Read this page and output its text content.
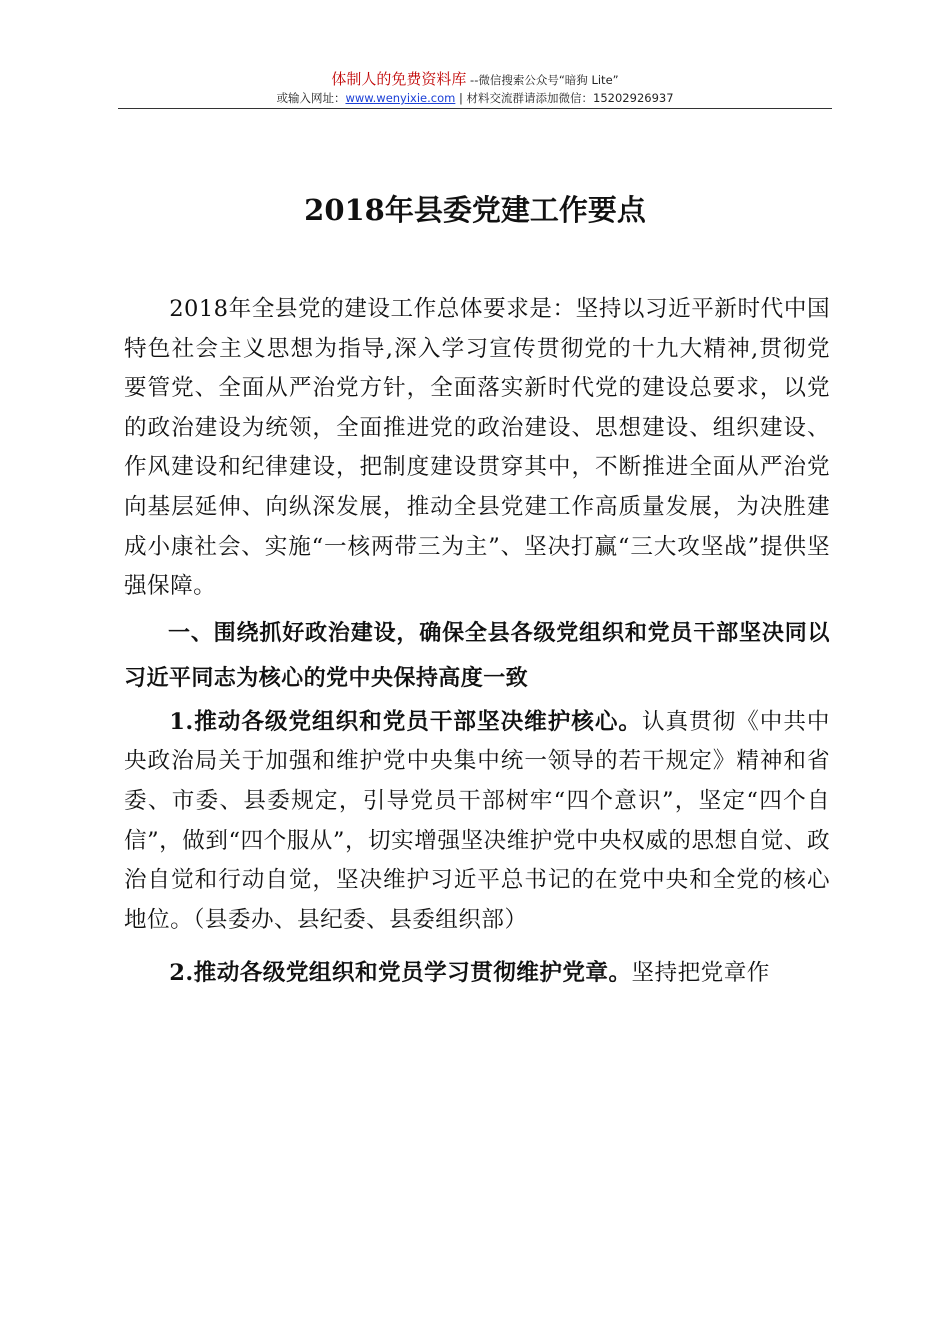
体制人的免费资料库 --微信搜索公众号“暗狗 Lite”
或输入网址：www.wenyixie.com | 材料交流群请添加微信：15202926937
2018年县委党建工作要点

2018年全县党的建设工作总体要求是：坚持以习近平新时代中国特色社会主义思想为指导,深入学习宣传贯彻党的十九大精神,贯彻党要管党、全面从严治党方针，全面落实新时代党的建设总要求，以党的政治建设为统领，全面推进党的政治建设、思想建设、组织建设、作风建设和纪律建设，把制度建设贯穿其中，不断推进全面从严治党向基层延伸、向纵深发展，推动全县党建工作高质量发展，为决胜建成小康社会、实施“一核两带三为主”、坚决打赢“三大攻坚战”提供坚强保障。

一、围绕抓好政治建设，确保全县各级党组织和党员干部坚决同以习近平同志为核心的党中央保持高度一致

1.推动各级党组织和党员干部坚决维护核心。认真贯彻《中共中央政治局关于加强和维护党中央集中统一领导的若干规定》精神和省委、市委、县委规定，引导党员干部树牢“四个意识”，坚定“四个自信”，做到“四个服从”，切实增强坚决维护党中央权威的思想自觉、政治自觉和行动自觉，坚决维护习近平总书记的在党中央和全党的核心地位。（县委办、县纪委、县委组织部）

2.推动各级党组织和党员学习贯彻维护党章。坚持把党章作
